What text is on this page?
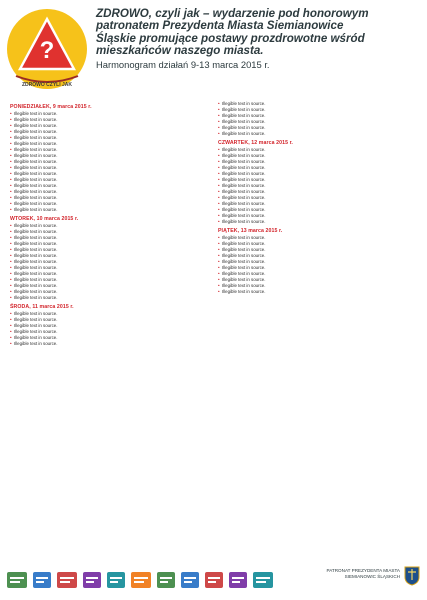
?
ZDROWO CZYLI JAK
ZDROWO, czyli jak – wydarzenie pod honorowym
patronatem Prezydenta Miasta Siemianowice
Śląskie promujące postawy prozdrowotne wśród
mieszkańców naszego miasta.
Harmonogram działań 9-13 marca 2015 r.
PONIEDZIAŁEK, 9 marca 2015 r.
• Illegible text in source.
• Illegible text in source.
• Illegible text in source.
• Illegible text in source.
• Illegible text in source.
• Illegible text in source.
• Illegible text in source.
• Illegible text in source.
• Illegible text in source.
• Illegible text in source.
• Illegible text in source.
• Illegible text in source.
• Illegible text in source.
• Illegible text in source.
• Illegible text in source.
• Illegible text in source.
• Illegible text in source.
WTOREK, 10 marca 2015 r.
• Illegible text in source.
• Illegible text in source.
• Illegible text in source.
• Illegible text in source.
• Illegible text in source.
• Illegible text in source.
• Illegible text in source.
• Illegible text in source.
• Illegible text in source.
• Illegible text in source.
• Illegible text in source.
• Illegible text in source.
• Illegible text in source.
ŚRODA, 11 marca 2015 r.
• Illegible text in source.
• Illegible text in source.
• Illegible text in source.
• Illegible text in source.
• Illegible text in source.
• Illegible text in source.
• Illegible text in source.
• Illegible text in source.
• Illegible text in source.
• Illegible text in source.
• Illegible text in source.
• Illegible text in source.
CZWARTEK, 12 marca 2015 r.
• Illegible text in source.
• Illegible text in source.
• Illegible text in source.
• Illegible text in source.
• Illegible text in source.
• Illegible text in source.
• Illegible text in source.
• Illegible text in source.
• Illegible text in source.
• Illegible text in source.
• Illegible text in source.
• Illegible text in source.
• Illegible text in source.
PIĄTEK, 13 marca 2015 r.
• Illegible text in source.
• Illegible text in source.
• Illegible text in source.
• Illegible text in source.
• Illegible text in source.
• Illegible text in source.
• Illegible text in source.
• Illegible text in source.
• Illegible text in source.
• Illegible text in source.
PATRONAT PREZYDENTA MIASTA SIEMIANOWIC ŚLĄSKICH
